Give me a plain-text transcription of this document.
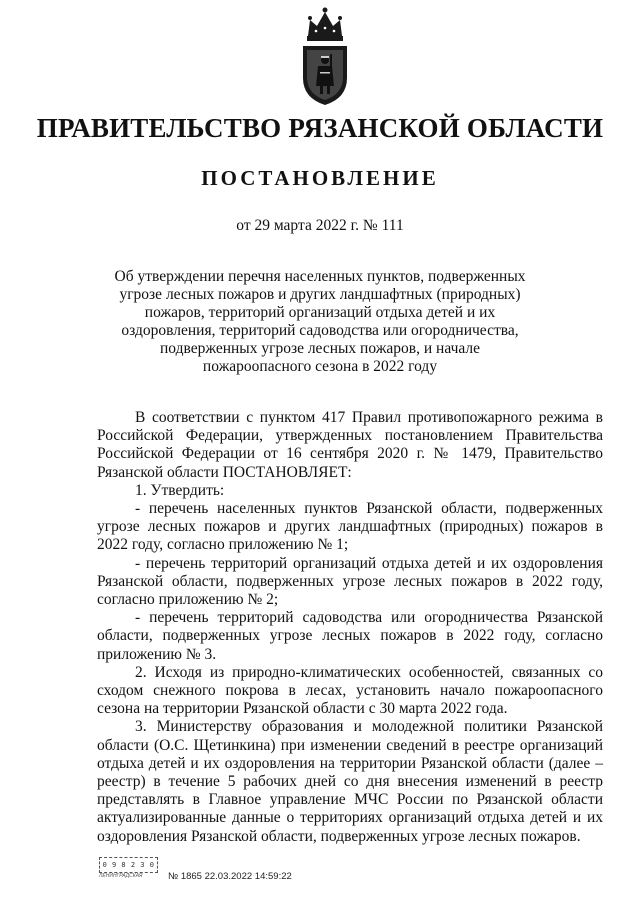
ПРАВИТЕЛЬСТВО РЯЗАНСКОЙ ОБЛАСТИ
ПОСТАНОВЛЕНИЕ
от 29 марта 2022 г. № 111
Об утверждении перечня населенных пунктов, подверженных
угрозе лесных пожаров и других ландшафтных (природных)
пожаров, территорий организаций отдыха детей и их
оздоровления, территорий садоводства или огородничества,
подверженных угрозе лесных пожаров, и начале
пожароопасного сезона в 2022 году

В соответствии с пунктом 417 Правил противопожарного режима в Российской Федерации, утвержденных постановлением Правительства Российской Федерации от 16 сентября 2020 г. № 1479, Правительство Рязанской области ПОСТАНОВЛЯЕТ:

1. Утвердить:

- перечень населенных пунктов Рязанской области, подверженных угрозе лесных пожаров и других ландшафтных (природных) пожаров в 2022 году, согласно приложению № 1;

- перечень территорий организаций отдыха детей и их оздоровления Рязанской области, подверженных угрозе лесных пожаров в 2022 году, согласно приложению № 2;

- перечень территорий садоводства или огородничества Рязанской области, подверженных угрозе лесных пожаров в 2022 году, согласно приложению № 3.

2. Исходя из природно-климатических особенностей, связанных со сходом снежного покрова в лесах, установить начало пожароопасного сезона на территории Рязанской области с 30 марта 2022 года.

3. Министерству образования и молодежной политики Рязанской области (О.С. Щетинкина) при изменении сведений в реестре организаций отдыха детей и их оздоровления на территории Рязанской области (далее – реестр) в течение 5 рабочих дней со дня внесения изменений в реестр представлять в Главное управление МЧС России по Рязанской области актуализированные данные о территориях организаций отдыха детей и их оздоровления Рязанской области, подверженных угрозе лесных пожаров.

0 9 8 2 3 0
ЛЕНИНГРАДСКАЯ	№ 1865 22.03.2022 14:59:22
